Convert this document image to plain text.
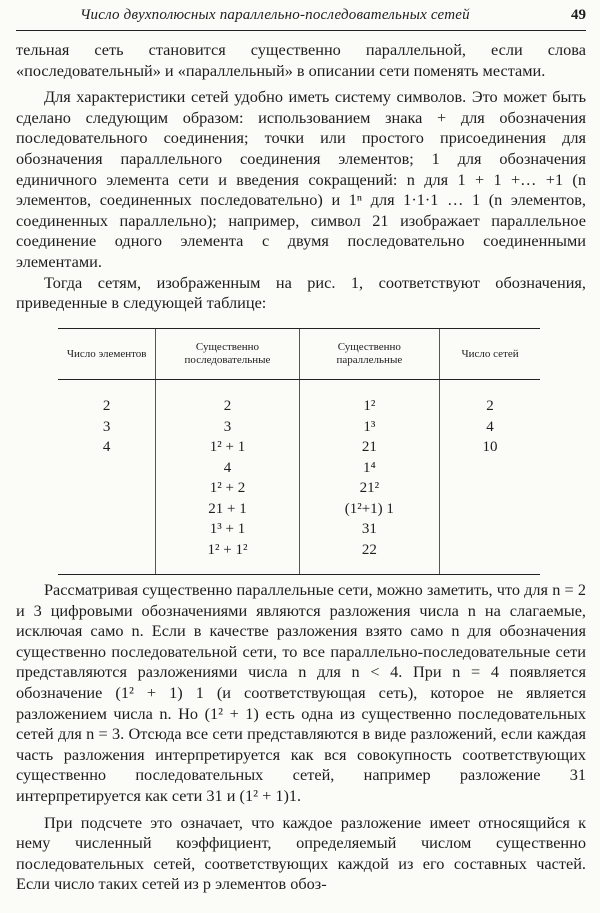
Число двухполюсных параллельно-последовательных сетей	49

тельная сеть становится существенно параллельной, если слова «последовательный» и «параллельный» в описании сети поменять местами.

Для характеристики сетей удобно иметь систему символов. Это может быть сделано следующим образом: использованием знака + для обозначения последовательного соединения; точки или простого присоединения для обозначения параллельного соединения элементов; 1 для обозначения единичного элемента сети и введения сокращений: n для 1 + 1 +… +1 (n элементов, соединенных последовательно) и 1ⁿ для 1·1·1 … 1 (n элементов, соединенных параллельно); например, символ 21 изображает параллельное соединение одного элемента с двумя последовательно соединенными элементами.

Тогда сетям, изображенным на рис. 1, соответствуют обозначения, приведенные в следующей таблице:

Число элементов	Существенно последовательные	Существенно параллельные	Число сетей

2	2	1²	2
3	3	1³	4
4	1² + 1	21	10
	4	1⁴	
	1² + 2	21²	
	21 + 1	(1²+1) 1	
	1³ + 1	31	
	1² + 1²	22	

Рассматривая существенно параллельные сети, можно заметить, что для n = 2 и 3 цифровыми обозначениями являются разложения числа n на слагаемые, исключая само n. Если в качестве разложения взято само n для обозначения существенно последовательной сети, то все параллельно-последовательные сети представляются разложениями числа n для n < 4. При n = 4 появляется обозначение (1² + 1) 1 (и соответствующая сеть), которое не является разложением числа n. Но (1² + 1) есть одна из существенно последовательных сетей для n = 3. Отсюда все сети представляются в виде разложений, если каждая часть разложения интерпретируется как вся совокупность соответствующих существенно последовательных сетей, например разложение 31 интерпретируется как сети 31 и (1² + 1)1.

При подсчете это означает, что каждое разложение имеет относящийся к нему численный коэффициент, определяемый числом существенно последовательных сетей, соответствующих каждой из его составных частей. Если число таких сетей из p элементов обоз-
